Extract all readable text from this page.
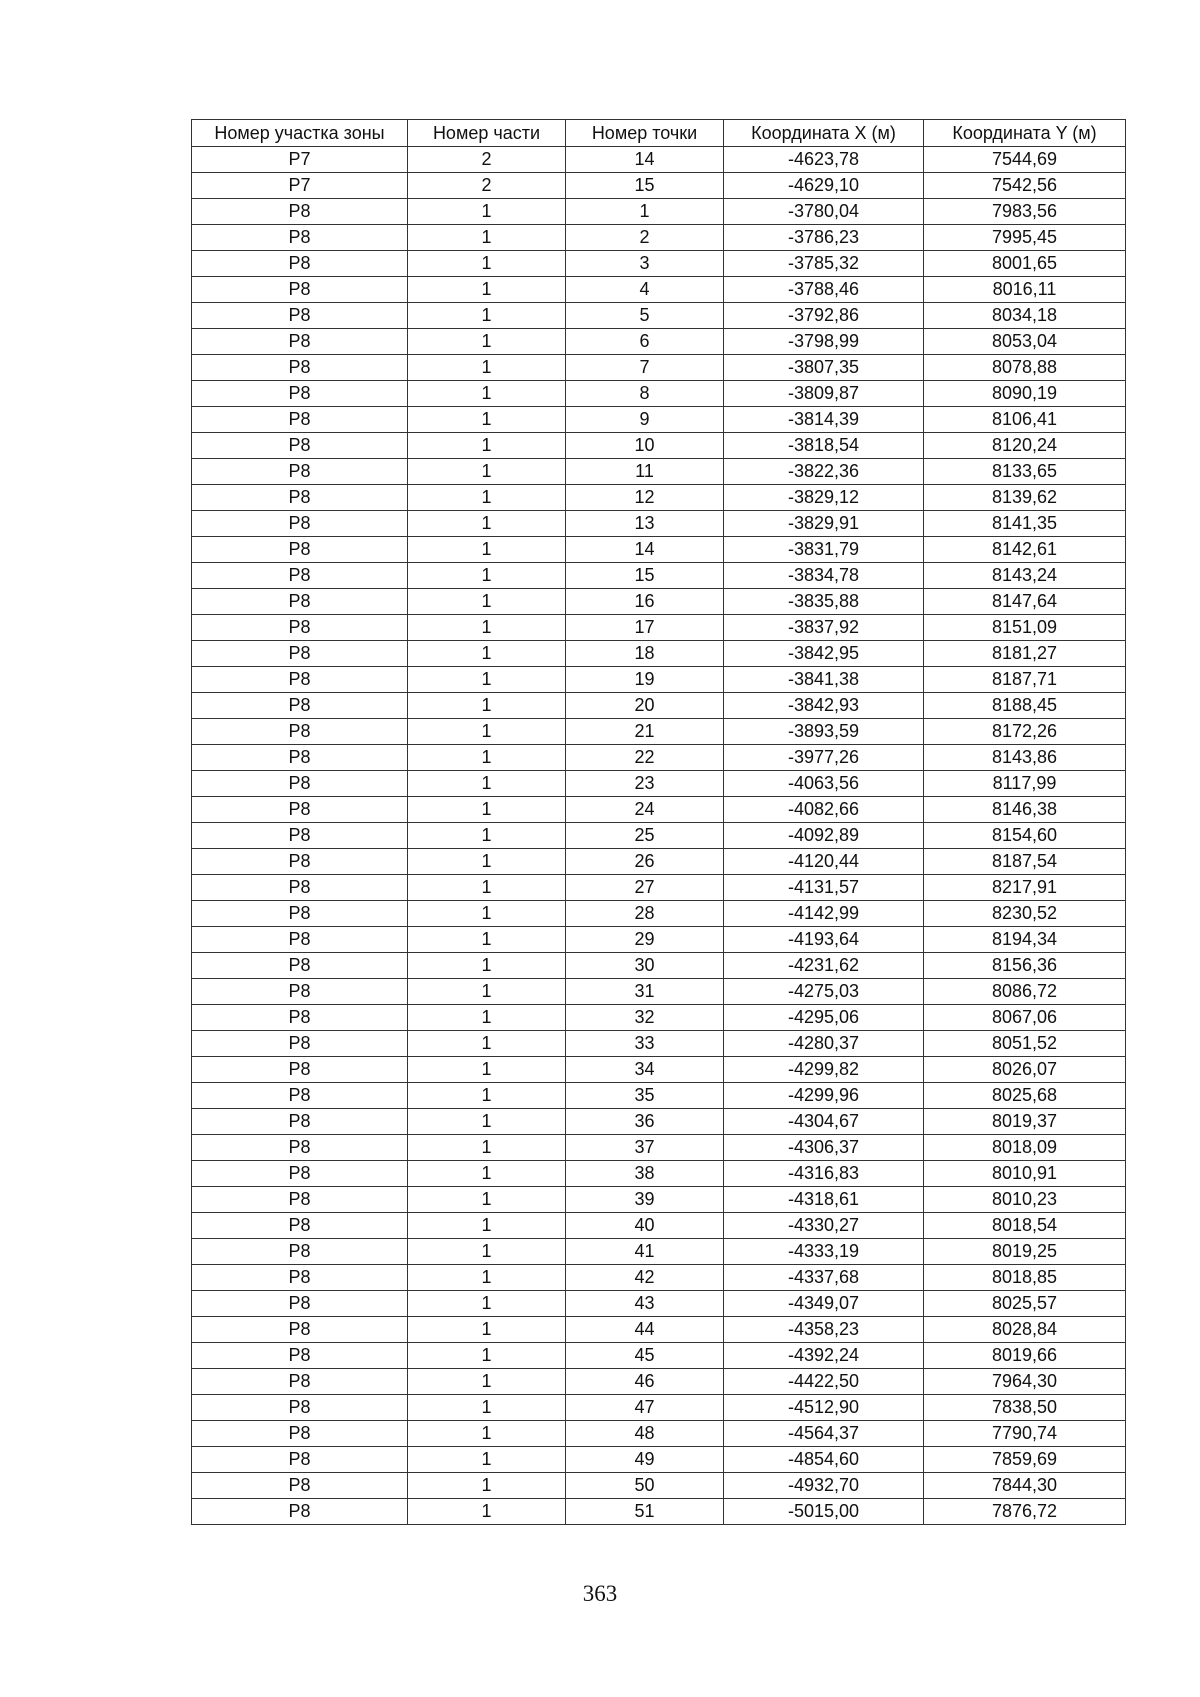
Номер участка зоны	Номер части	Номер точки	Координата X (м)	Координата Y (м)
P7	2	14	-4623,78	7544,69
P7	2	15	-4629,10	7542,56
P8	1	1	-3780,04	7983,56
P8	1	2	-3786,23	7995,45
P8	1	3	-3785,32	8001,65
P8	1	4	-3788,46	8016,11
P8	1	5	-3792,86	8034,18
P8	1	6	-3798,99	8053,04
P8	1	7	-3807,35	8078,88
P8	1	8	-3809,87	8090,19
P8	1	9	-3814,39	8106,41
P8	1	10	-3818,54	8120,24
P8	1	11	-3822,36	8133,65
P8	1	12	-3829,12	8139,62
P8	1	13	-3829,91	8141,35
P8	1	14	-3831,79	8142,61
P8	1	15	-3834,78	8143,24
P8	1	16	-3835,88	8147,64
P8	1	17	-3837,92	8151,09
P8	1	18	-3842,95	8181,27
P8	1	19	-3841,38	8187,71
P8	1	20	-3842,93	8188,45
P8	1	21	-3893,59	8172,26
P8	1	22	-3977,26	8143,86
P8	1	23	-4063,56	8117,99
P8	1	24	-4082,66	8146,38
P8	1	25	-4092,89	8154,60
P8	1	26	-4120,44	8187,54
P8	1	27	-4131,57	8217,91
P8	1	28	-4142,99	8230,52
P8	1	29	-4193,64	8194,34
P8	1	30	-4231,62	8156,36
P8	1	31	-4275,03	8086,72
P8	1	32	-4295,06	8067,06
P8	1	33	-4280,37	8051,52
P8	1	34	-4299,82	8026,07
P8	1	35	-4299,96	8025,68
P8	1	36	-4304,67	8019,37
P8	1	37	-4306,37	8018,09
P8	1	38	-4316,83	8010,91
P8	1	39	-4318,61	8010,23
P8	1	40	-4330,27	8018,54
P8	1	41	-4333,19	8019,25
P8	1	42	-4337,68	8018,85
P8	1	43	-4349,07	8025,57
P8	1	44	-4358,23	8028,84
P8	1	45	-4392,24	8019,66
P8	1	46	-4422,50	7964,30
P8	1	47	-4512,90	7838,50
P8	1	48	-4564,37	7790,74
P8	1	49	-4854,60	7859,69
P8	1	50	-4932,70	7844,30
P8	1	51	-5015,00	7876,72
363
